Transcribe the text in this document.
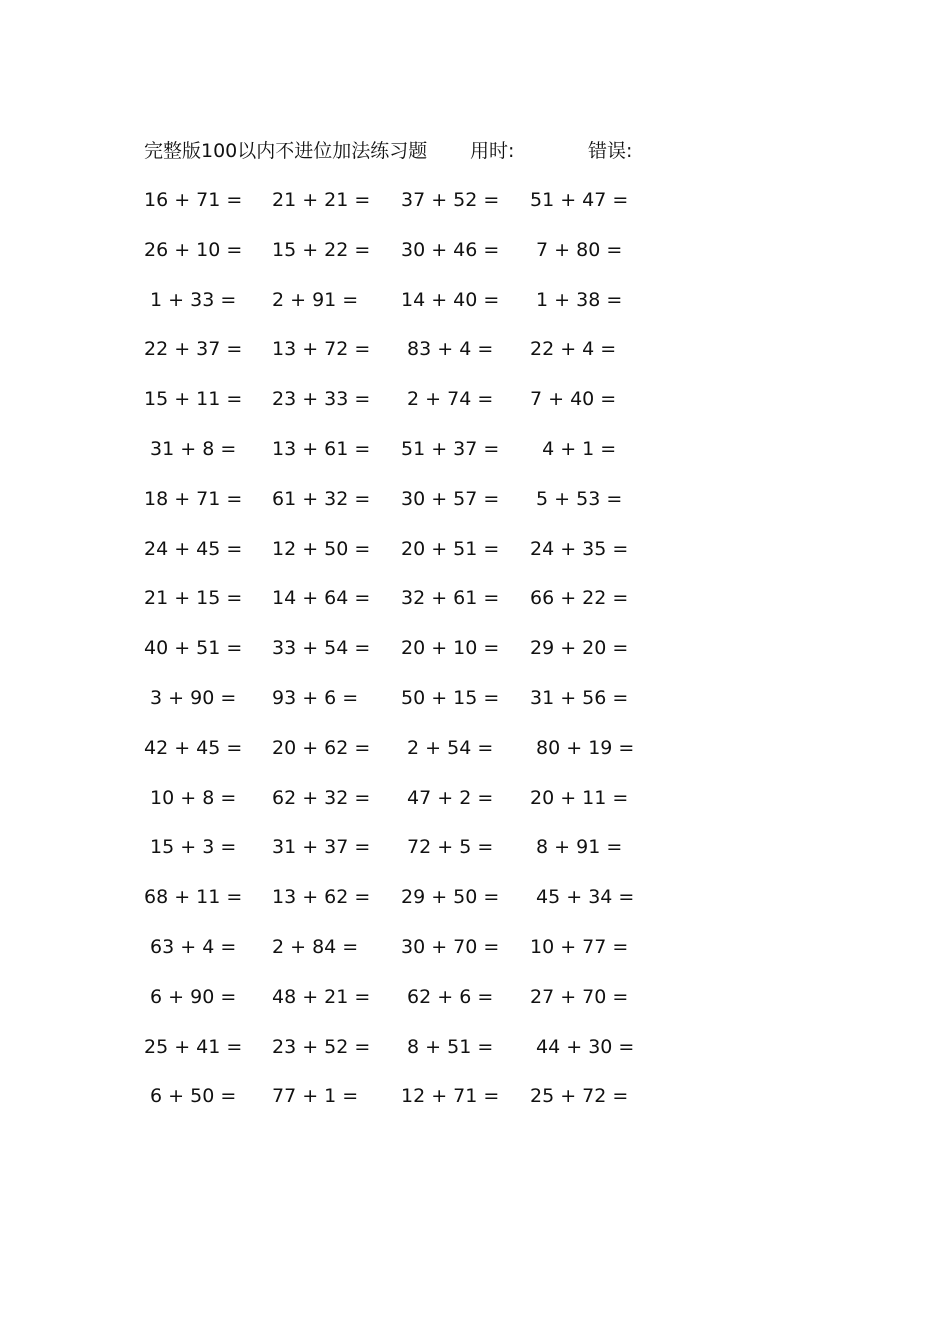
完整版100以内不进位加法练习题 用时:	错误:
16 + 71 =	21 + 21 =	37 + 52 =	51 + 47 =
26 + 10 =	15 + 22 =	30 + 46 =	7 + 80 =
1 + 33 =	2 + 91 =	14 + 40 =	1 + 38 =
22 + 37 =	13 + 72 =	83 + 4 =	22 + 4 =
15 + 11 =	23 + 33 =	2 + 74 =	7 + 40 =
31 + 8 =	13 + 61 =	51 + 37 =	4 + 1 =
18 + 71 =	61 + 32 =	30 + 57 =	5 + 53 =
24 + 45 =	12 + 50 =	20 + 51 =	24 + 35 =
21 + 15 =	14 + 64 =	32 + 61 =	66 + 22 =
40 + 51 =	33 + 54 =	20 + 10 =	29 + 20 =
3 + 90 =	93 + 6 =	50 + 15 =	31 + 56 =
42 + 45 =	20 + 62 =	2 + 54 =	80 + 19 =
10 + 8 =	62 + 32 =	47 + 2 =	20 + 11 =
15 + 3 =	31 + 37 =	72 + 5 =	8 + 91 =
68 + 11 =	13 + 62 =	29 + 50 =	45 + 34 =
63 + 4 =	2 + 84 =	30 + 70 =	10 + 77 =
6 + 90 =	48 + 21 =	62 + 6 =	27 + 70 =
25 + 41 =	23 + 52 =	8 + 51 =	44 + 30 =
6 + 50 =	77 + 1 =	12 + 71 =	25 + 72 =
